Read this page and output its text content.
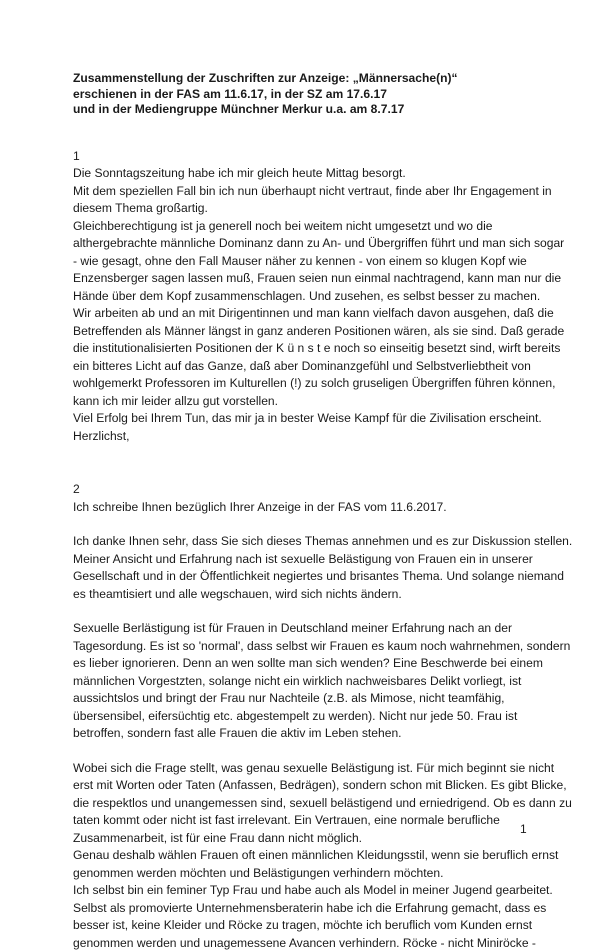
Zusammenstellung der Zuschriften zur Anzeige: „Männersache(n)“
erschienen in der FAS am 11.6.17, in der SZ am 17.6.17
und in der Mediengruppe Münchner Merkur u.a. am 8.7.17
1
Die Sonntagszeitung habe ich mir gleich heute Mittag besorgt.
Mit dem speziellen Fall bin ich nun überhaupt nicht vertraut, finde aber Ihr Engagement in
diesem Thema großartig.
Gleichberechtigung ist ja generell noch bei weitem nicht umgesetzt und wo die
althergebrachte männliche Dominanz dann zu An- und Übergriffen führt und man sich sogar
- wie gesagt, ohne den Fall Mauser näher zu kennen - von einem so klugen Kopf wie
Enzensberger sagen lassen muß, Frauen seien nun einmal nachtragend, kann man nur die
Hände über dem Kopf zusammenschlagen. Und zusehen, es selbst besser zu machen.
Wir arbeiten ab und an mit Dirigentinnen und man kann vielfach davon ausgehen, daß die
Betreffenden als Männer längst in ganz anderen Positionen wären, als sie sind. Daß gerade
die institutionalisierten Positionen der K ü n s t e noch so einseitig besetzt sind, wirft bereits
ein bitteres Licht auf das Ganze, daß aber Dominanzgefühl und Selbstverliebtheit von
wohlgemerkt Professoren im Kulturellen (!) zu solch gruseligen Übergriffen führen können,
kann ich mir leider allzu gut vorstellen.
Viel Erfolg bei Ihrem Tun, das mir ja in bester Weise Kampf für die Zivilisation erscheint.
Herzlichst,
2
Ich schreibe Ihnen bezüglich Ihrer Anzeige in der FAS vom 11.6.2017.
Ich danke Ihnen sehr, dass Sie sich dieses Themas annehmen und es zur Diskussion stellen.
Meiner Ansicht und Erfahrung nach ist sexuelle Belästigung von Frauen ein in unserer
Gesellschaft und in der Öffentlichkeit negiertes und brisantes Thema. Und solange niemand
es theamtisiert und alle wegschauen, wird sich nichts ändern.
Sexuelle Berlästigung ist für Frauen in Deutschland meiner Erfahrung nach an der
Tagesordung. Es ist so 'normal', dass selbst wir Frauen es kaum noch wahrnehmen, sondern
es lieber ignorieren. Denn an wen sollte man sich wenden? Eine Beschwerde bei einem
männlichen Vorgestzten, solange nicht ein wirklich nachweisbares Delikt vorliegt, ist
aussichtslos und bringt der Frau nur Nachteile (z.B. als Mimose, nicht teamfähig,
übersensibel, eifersüchtig etc. abgestempelt zu werden). Nicht nur jede 50. Frau ist
betroffen, sondern fast alle Frauen die aktiv im Leben stehen.
Wobei sich die Frage stellt, was genau sexuelle Belästigung ist. Für mich beginnt sie nicht
erst mit Worten oder Taten (Anfassen, Bedrägen), sondern schon mit Blicken. Es gibt Blicke,
die respektlos und unangemessen sind, sexuell belästigend und erniedrigend. Ob es dann zu
taten kommt oder nicht ist fast irrelevant. Ein Vertrauen, eine normale berufliche
Zusammenarbeit, ist für eine Frau dann nicht möglich.
Genau deshalb wählen Frauen oft einen männlichen Kleidungsstil, wenn sie beruflich ernst
genommen werden möchten und Belästigungen verhindern möchten.
Ich selbst bin ein feminer Typ Frau und habe auch als Model in meiner Jugend gearbeitet.
Selbst als promovierte Unternehmensberaterin habe ich die Erfahrung gemacht, dass es
besser ist, keine Kleider und Röcke zu tragen, möchte ich beruflich vom Kunden ernst
genommen werden und unagemessene Avancen verhindern. Röcke - nicht Miniröcke -
1
